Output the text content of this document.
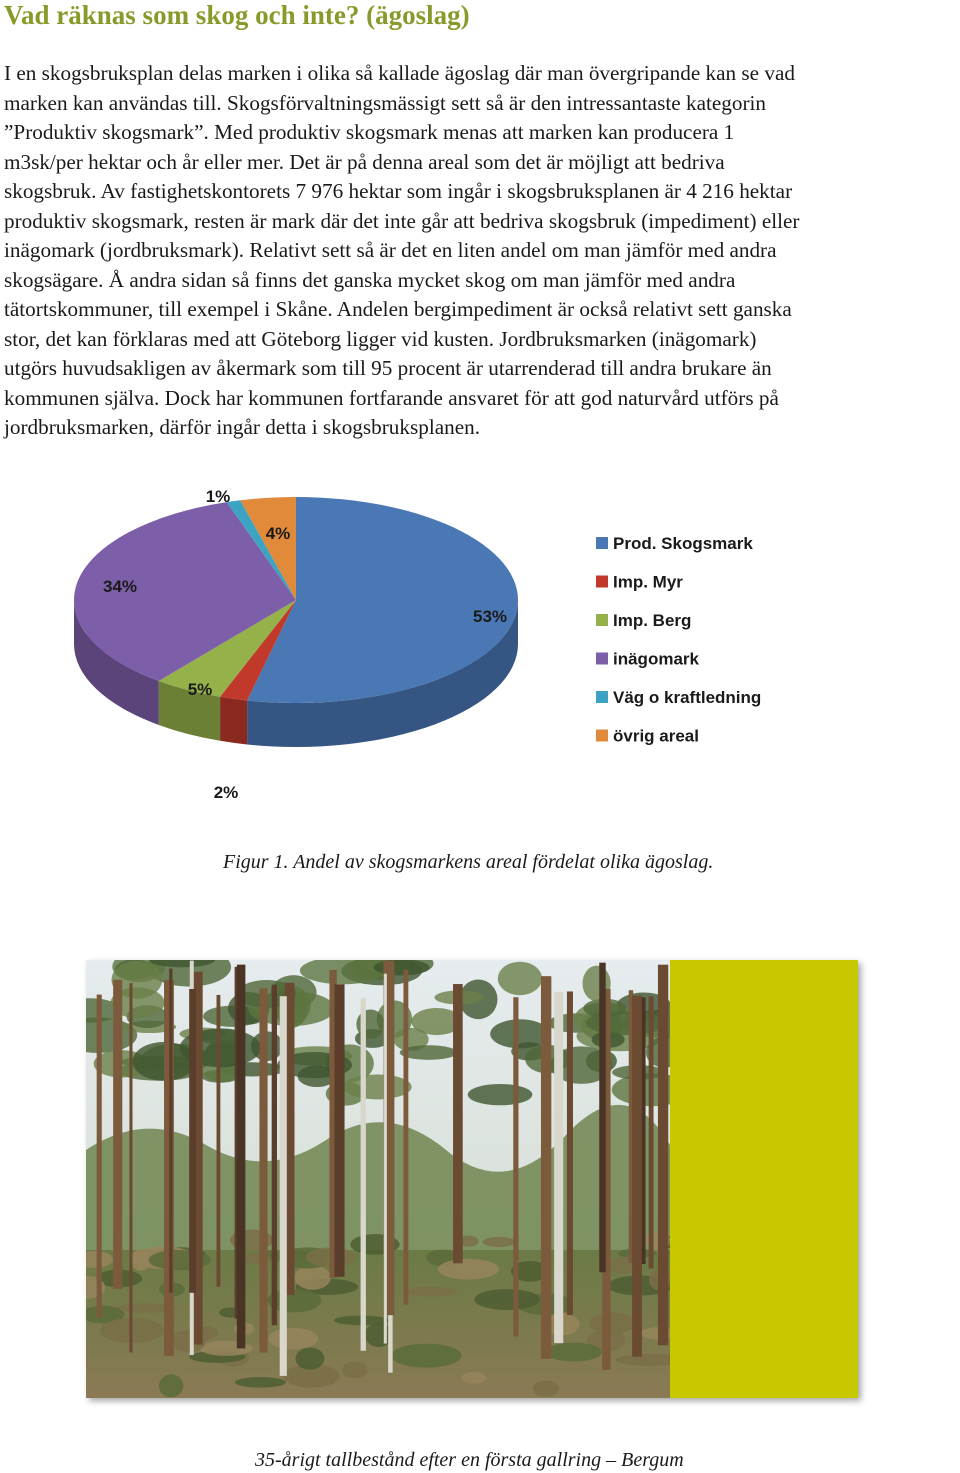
Vad räknas som skog och inte? (ägoslag)
I en skogsbruksplan delas marken i olika så kallade ägoslag där man övergripande kan se vad
marken kan användas till. Skogsförvaltningsmässigt sett så är den intressantaste kategorin
”Produktiv skogsmark”. Med produktiv skogsmark menas att marken kan producera 1
m3sk/per hektar och år eller mer. Det är på denna areal som det är möjligt att bedriva
skogsbruk. Av fastighetskontorets 7 976 hektar som ingår i skogsbruksplanen är 4 216 hektar
produktiv skogsmark, resten är mark där det inte går att bedriva skogsbruk (impediment) eller
inägomark (jordbruksmark). Relativt sett så är det en liten andel om man jämför med andra
skogsägare. Å andra sidan så finns det ganska mycket skog om man jämför med andra
tätortskommuner, till exempel i Skåne. Andelen bergimpediment är också relativt sett ganska
stor, det kan förklaras med att Göteborg ligger vid kusten. Jordbruksmarken (inägomark)
utgörs huvudsakligen av åkermark som till 95 procent är utarrenderad till andra brukare än
kommunen själva. Dock har kommunen fortfarande ansvaret för att god naturvård utförs på
jordbruksmarken, därför ingår detta i skogsbruksplanen.
53%
2%
5%
34%
1%
4%
Prod. Skogsmark
Imp. Myr
Imp. Berg
inägomark
Väg o kraftledning
övrig areal

Figur 1. Andel av skogsmarkens areal fördelat olika ägoslag.

35-årigt tallbestånd efter en första gallring – Bergum
